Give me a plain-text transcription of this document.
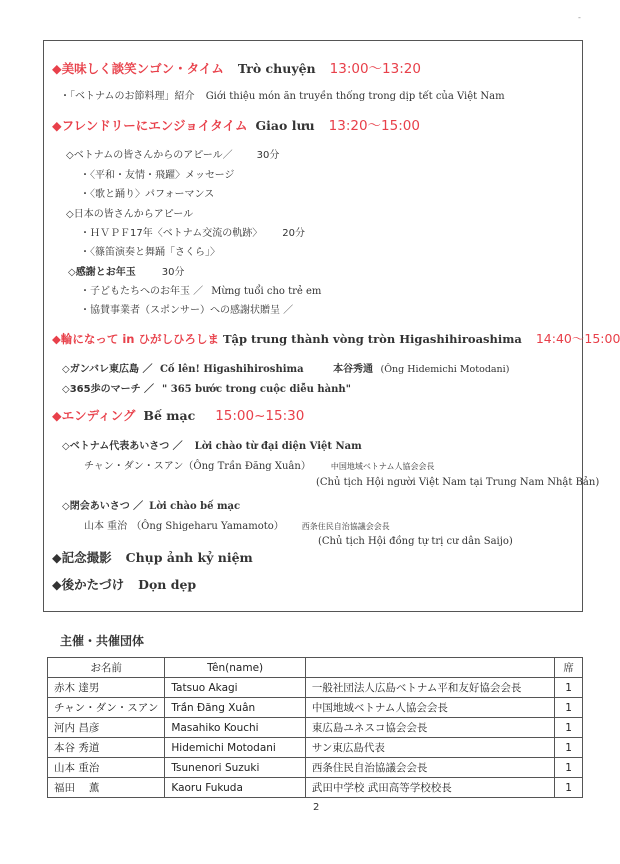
-
◆美味しく談笑ンゴン・タイム Trò chuyện 13:00～13:20
・「ベトナムのお節料理」紹介 Giới thiệu món ăn truyền thống trong dịp tết của Việt Nam
◆フレンドリーにエンジョイタイム Giao lưu 13:20～15:00
◇ベトナムの皆さんからのアピール／ 30分
・〈平和・友情・飛躍〉メッセージ
・〈歌と踊り〉パフォーマンス
◇日本の皆さんからアピール
・ＨＶＰＦ17年〈ベトナム交流の軌跡〉 20分
・〈篠笛演奏と舞踊「さくら」〉
◇感謝とお年玉	30分
・子どもたちへのお年玉 ／ Mừng tuổi cho trẻ em
・協賛事業者（スポンサー）への感謝状贈呈 ／
◆輪になって in ひがしひろしま Tập trung thành vòng tròn Higashihiroashima 14:40～15:00
◇ガンバレ東広島 ／ Cố lên! Higashihiroshima	本谷秀通 (Ông Hidemichi Motodani)
◇365歩のマーチ ／ " 365 bước trong cuộc diễu hành"
◆エンディング Bế mạc 15:00~15:30
◇ベトナム代表あいさつ ／ Lời chào từ đại diện Việt Nam
チャン・ダン・スアン（Ông Trần Đăng Xuân）	中国地域ベトナム人協会会長
(Chủ tịch Hội người Việt Nam tại Trung Nam Nhật Bản)
◇閉会あいさつ ／ Lời chào bế mạc
山本 重治 （Ông Shigeharu Yamamoto） 西条住民自治協議会会長
(Chủ tịch Hội đồng tự trị cư dân Saijo)
◆記念撮影 Chụp ảnh kỷ niệm
◆後かたづけ Dọn dẹp
主催・共催団体
お名前	Tên(name)		席
赤木 達男	Tatsuo Akagi	一般社団法人広島ベトナム平和友好協会会長	1
チャン・ダン・スアン	Trần Đăng Xuân	中国地域ベトナム人協会会長	1
河内 昌彦	Masahiko Kouchi	東広島ユネスコ協会会長	1
本谷 秀道	Hidemichi Motodani	サン東広島代表	1
山本 重治	Tsunenori Suzuki	西条住民自治協議会会長	1
福田　 薫	Kaoru Fukuda	武田中学校 武田高等学校校長	1
2
